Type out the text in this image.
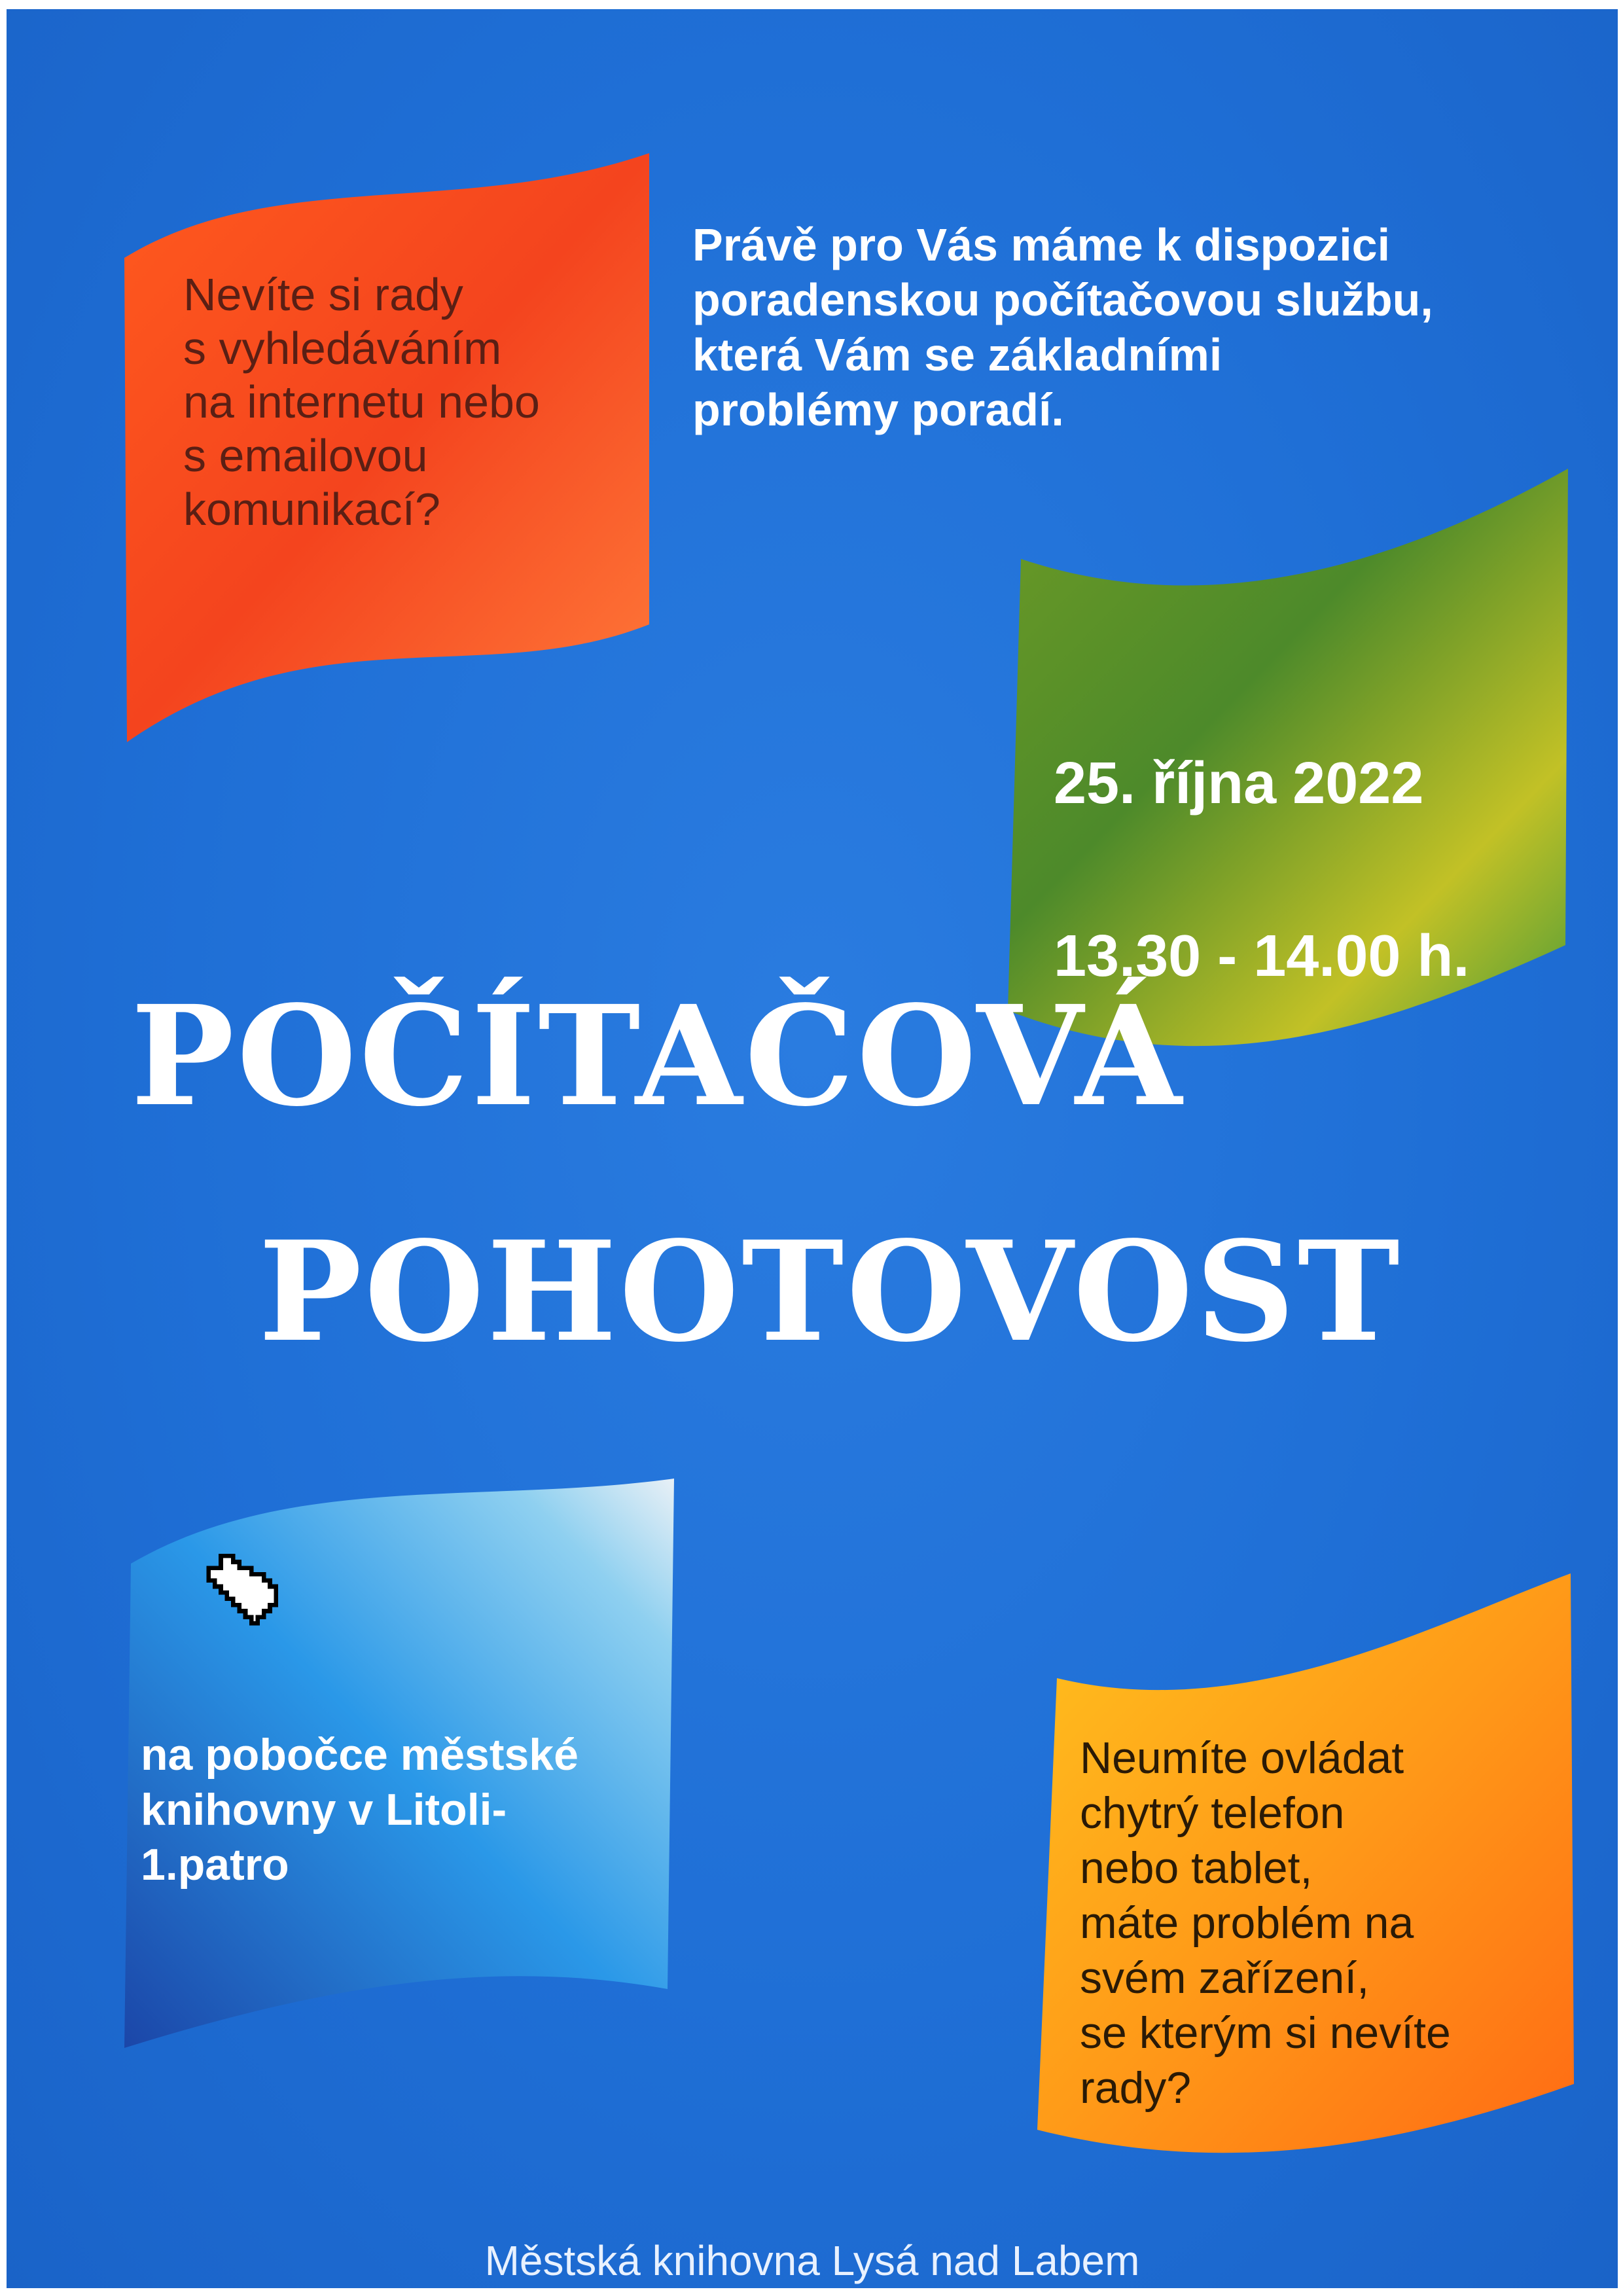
Nevíte si rady
s vyhledáváním
na internetu nebo
s emailovou
komunikací?

Právě pro Vás máme k dispozici
poradenskou počítačovou službu,
která Vám se základními
problémy poradí.

25. října 2022

13.30 - 14.00 h.

POČÍTAČOVÁ
POHOTOVOST

na pobočce městské
knihovny v Litoli-
1.patro

Neumíte ovládat
chytrý telefon
nebo tablet,
máte problém na
svém zařízení,
se kterým si nevíte
rady?

Městská knihovna Lysá nad Labem
